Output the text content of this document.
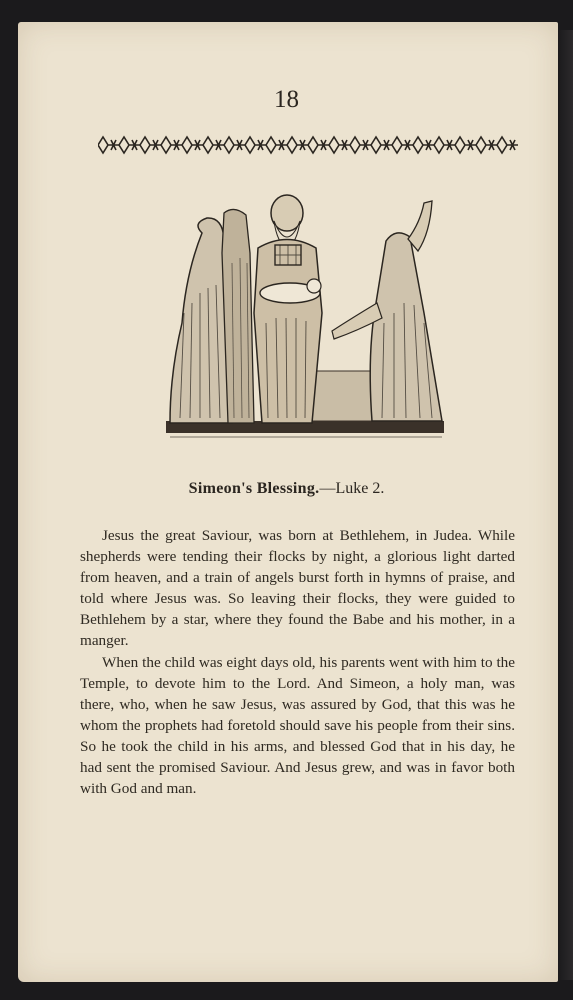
18
Simeon's Blessing.—Luke 2.

Jesus the great Saviour, was born at Bethlehem, in Judea. While shepherds were tending their flocks by night, a glorious light darted from heaven, and a train of angels burst forth in hymns of praise, and told where Jesus was. So leaving their flocks, they were guided to Bethlehem by a star, where they found the Babe and his mother, in a manger.

When the child was eight days old, his parents went with him to the Temple, to devote him to the Lord. And Simeon, a holy man, was there, who, when he saw Jesus, was assured by God, that this was he whom the prophets had foretold should save his people from their sins. So he took the child in his arms, and blessed God that in his day, he had sent the promised Saviour. And Jesus grew, and was in favor both with God and man.
